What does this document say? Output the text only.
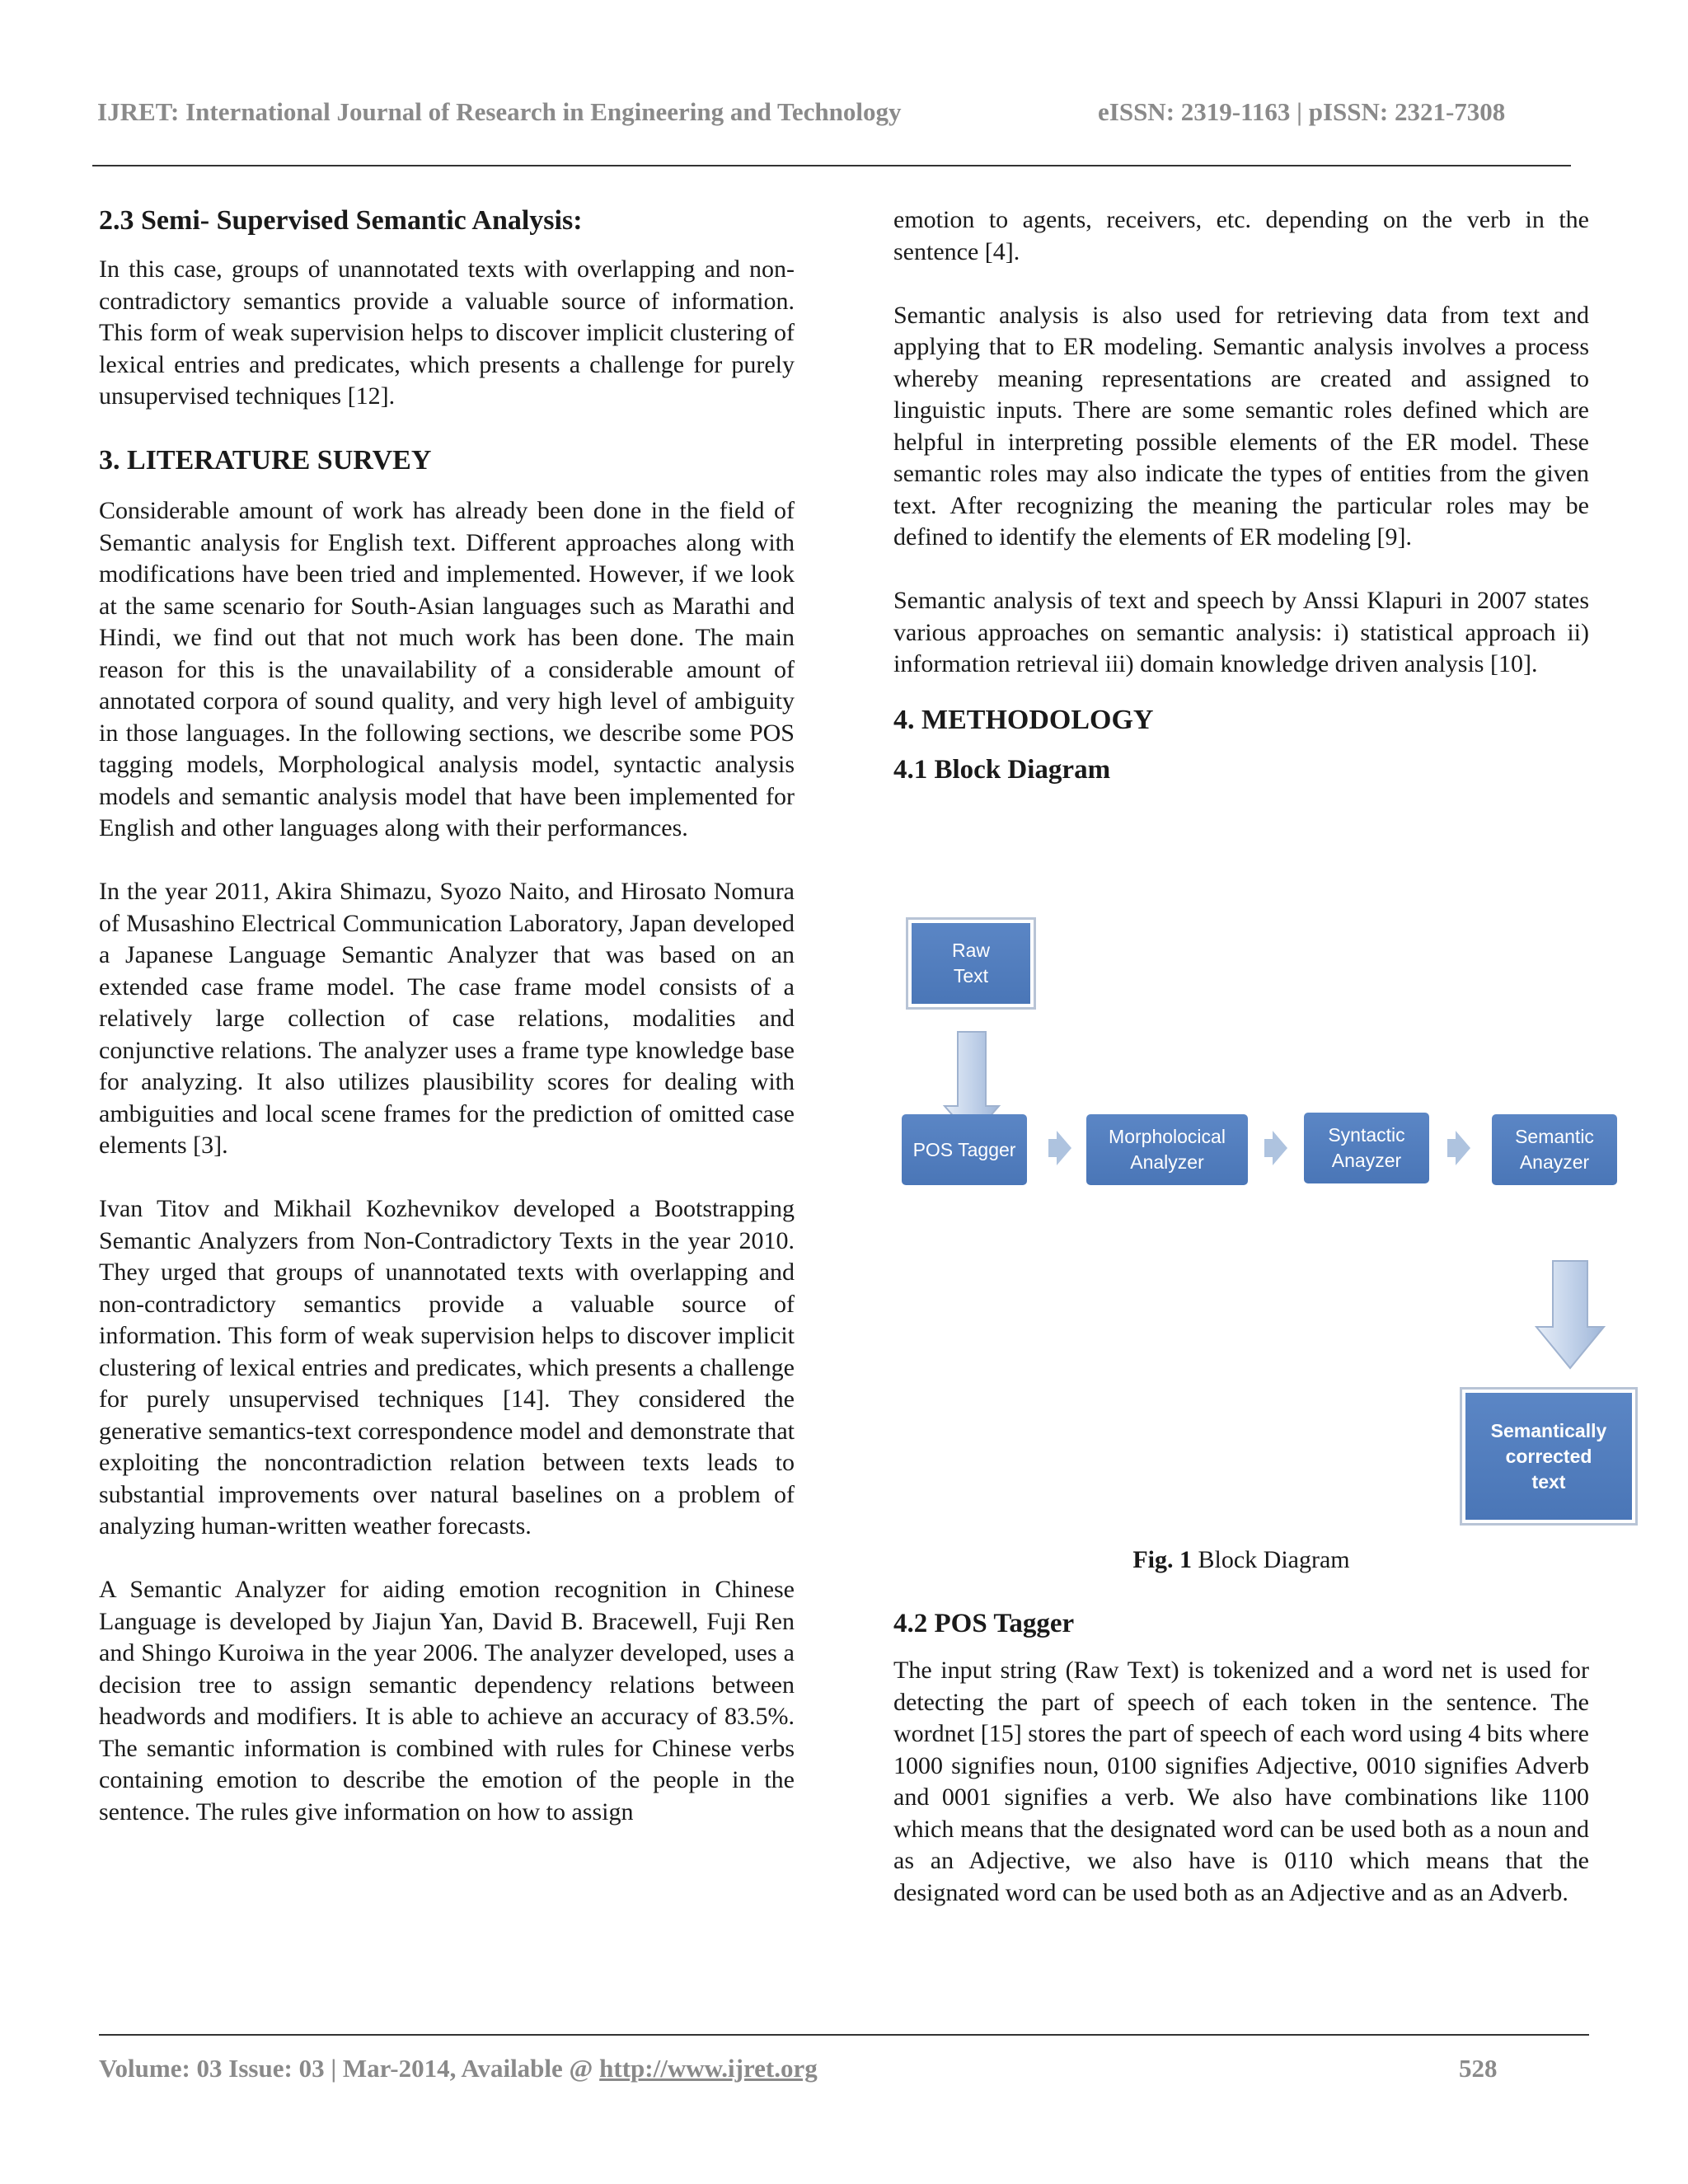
IJRET: International Journal of Research in Engineering and Technology	eISSN: 2319-1163 | pISSN: 2321-7308
2.3 Semi- Supervised Semantic Analysis:

In this case, groups of unannotated texts with overlapping and non-contradictory semantics provide a valuable source of information. This form of weak supervision helps to discover implicit clustering of lexical entries and predicates, which presents a challenge for purely unsupervised techniques [12].

3. LITERATURE SURVEY

Considerable amount of work has already been done in the field of Semantic analysis for English text. Different approaches along with modifications have been tried and implemented. However, if we look at the same scenario for South-Asian languages such as Marathi and Hindi, we find out that not much work has been done. The main reason for this is the unavailability of a considerable amount of annotated corpora of sound quality, and very high level of ambiguity in those languages. In the following sections, we describe some POS tagging models, Morphological analysis model, syntactic analysis models and semantic analysis model that have been implemented for English and other languages along with their performances.

In the year 2011, Akira Shimazu, Syozo Naito, and Hirosato Nomura of Musashino Electrical Communication Laboratory, Japan developed a Japanese Language Semantic Analyzer that was based on an extended case frame model. The case frame model consists of a relatively large collection of case relations, modalities and conjunctive relations. The analyzer uses a frame type knowledge base for analyzing. It also utilizes plausibility scores for dealing with ambiguities and local scene frames for the prediction of omitted case elements [3].

Ivan Titov and Mikhail Kozhevnikov developed a Bootstrapping Semantic Analyzers from Non-Contradictory Texts in the year 2010. They urged that groups of unannotated texts with overlapping and non-contradictory semantics provide a valuable source of information. This form of weak supervision helps to discover implicit clustering of lexical entries and predicates, which presents a challenge for purely unsupervised techniques [14]. They considered the generative semantics-text correspondence model and demonstrate that exploiting the noncontradiction relation between texts leads to substantial improvements over natural baselines on a problem of analyzing human-written weather forecasts.

A Semantic Analyzer for aiding emotion recognition in Chinese Language is developed by Jiajun Yan, David B. Bracewell, Fuji Ren and Shingo Kuroiwa in the year 2006. The analyzer developed, uses a decision tree to assign semantic dependency relations between headwords and modifiers. It is able to achieve an accuracy of 83.5%. The semantic information is combined with rules for Chinese verbs containing emotion to describe the emotion of the people in the sentence. The rules give information on how to assign

emotion to agents, receivers, etc. depending on the verb in the sentence [4].

Semantic analysis is also used for retrieving data from text and applying that to ER modeling. Semantic analysis involves a process whereby meaning representations are created and assigned to linguistic inputs. There are some semantic roles defined which are helpful in interpreting possible elements of the ER model. These semantic roles may also indicate the types of entities from the given text. After recognizing the meaning the particular roles may be defined to identify the elements of ER modeling [9].

Semantic analysis of text and speech by Anssi Klapuri in 2007 states various approaches on semantic analysis: i) statistical approach ii) information retrieval iii) domain knowledge driven analysis [10].

4. METHODOLOGY
4.1 Block Diagram
Raw
Text
POS Tagger
Morpholocical
Analyzer
Syntactic
Anayzer
Semantic
Anayzer
Semantically
corrected
text
Fig. 1 Block Diagram
4.2 POS Tagger

The input string (Raw Text) is tokenized and a word net is used for detecting the part of speech of each token in the sentence. The wordnet [15] stores the part of speech of each word using 4 bits where 1000 signifies noun, 0100 signifies Adjective, 0010 signifies Adverb and 0001 signifies a verb. We also have combinations like 1100 which means that the designated word can be used both as a noun and as an Adjective, we also have is 0110 which means that the designated word can be used both as an Adjective and as an Adverb.

Volume: 03 Issue: 03 | Mar-2014, Available @ http://www.ijret.org	528
